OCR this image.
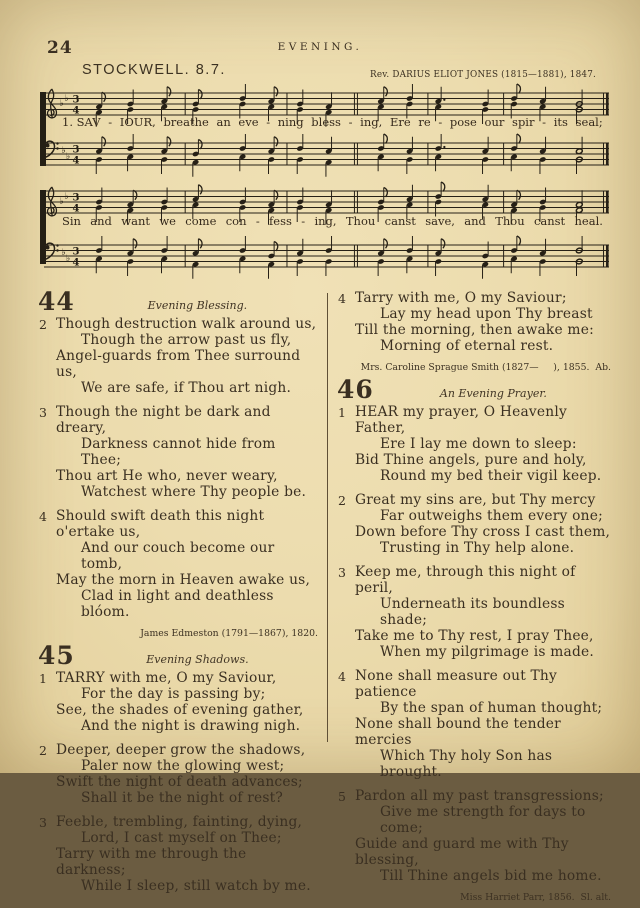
24	EVENING.
STOCKWELL. 8.7.	Rev. DARIUS ELIOT JONES (1815—1881), 1847.
♭ ♭ 3
4
1. SAV - IOUR, breathe an eve - ning bless - ing, Ere re - pose our spir - its seal;
♭
♭
3
4
♭ ♭ 3
4
Sin and want we come con - fess - ing, Thou canst save, and Thou canst heal.
♭
♭
3
4
44	Evening Blessing.
2 Though destruction walk around us,
Though the arrow past us fly,
Angel-guards from Thee surround us,
We are safe, if Thou art nigh.
3 Though the night be dark and dreary,
Darkness cannot hide from Thee;
Thou art He who, never weary,
Watchest where Thy people be.
4 Should swift death this night o'ertake us,
And our couch become our tomb,
May the morn in Heaven awake us,
Clad in light and deathless blóom.
James Edmeston (1791—1867), 1820.
45	Evening Shadows.
1 TARRY with me, O my Saviour,
For the day is passing by;
See, the shades of evening gather,
And the night is drawing nigh.
2 Deeper, deeper grow the shadows,
Paler now the glowing west;
Swift the night of death advances;
Shall it be the night of rest?
3 Feeble, trembling, fainting, dying,
Lord, I cast myself on Thee;
Tarry with me through the darkness;
While I sleep, still watch by me.
4 Tarry with me, O my Saviour;
Lay my head upon Thy breast
Till the morning, then awake me:
Morning of eternal rest.
Mrs. Caroline Sprague Smith (1827—     ), 1855.  Ab.
46	An Evening Prayer.
1 HEAR my prayer, O Heavenly Father,
Ere I lay me down to sleep:
Bid Thine angels, pure and holy,
Round my bed their vigil keep.
2 Great my sins are, but Thy mercy
Far outweighs them every one;
Down before Thy cross I cast them,
Trusting in Thy help alone.
3 Keep me, through this night of peril,
Underneath its boundless shade;
Take me to Thy rest, I pray Thee,
When my pilgrimage is made.
4 None shall measure out Thy patience
By the span of human thought;
None shall bound the tender mercies
Which Thy holy Son has brought.
5 Pardon all my past transgressions;
Give me strength for days to come;
Guide and guard me with Thy blessing,
Till Thine angels bid me home.
Miss Harriet Parr, 1856.  Sl. alt.
